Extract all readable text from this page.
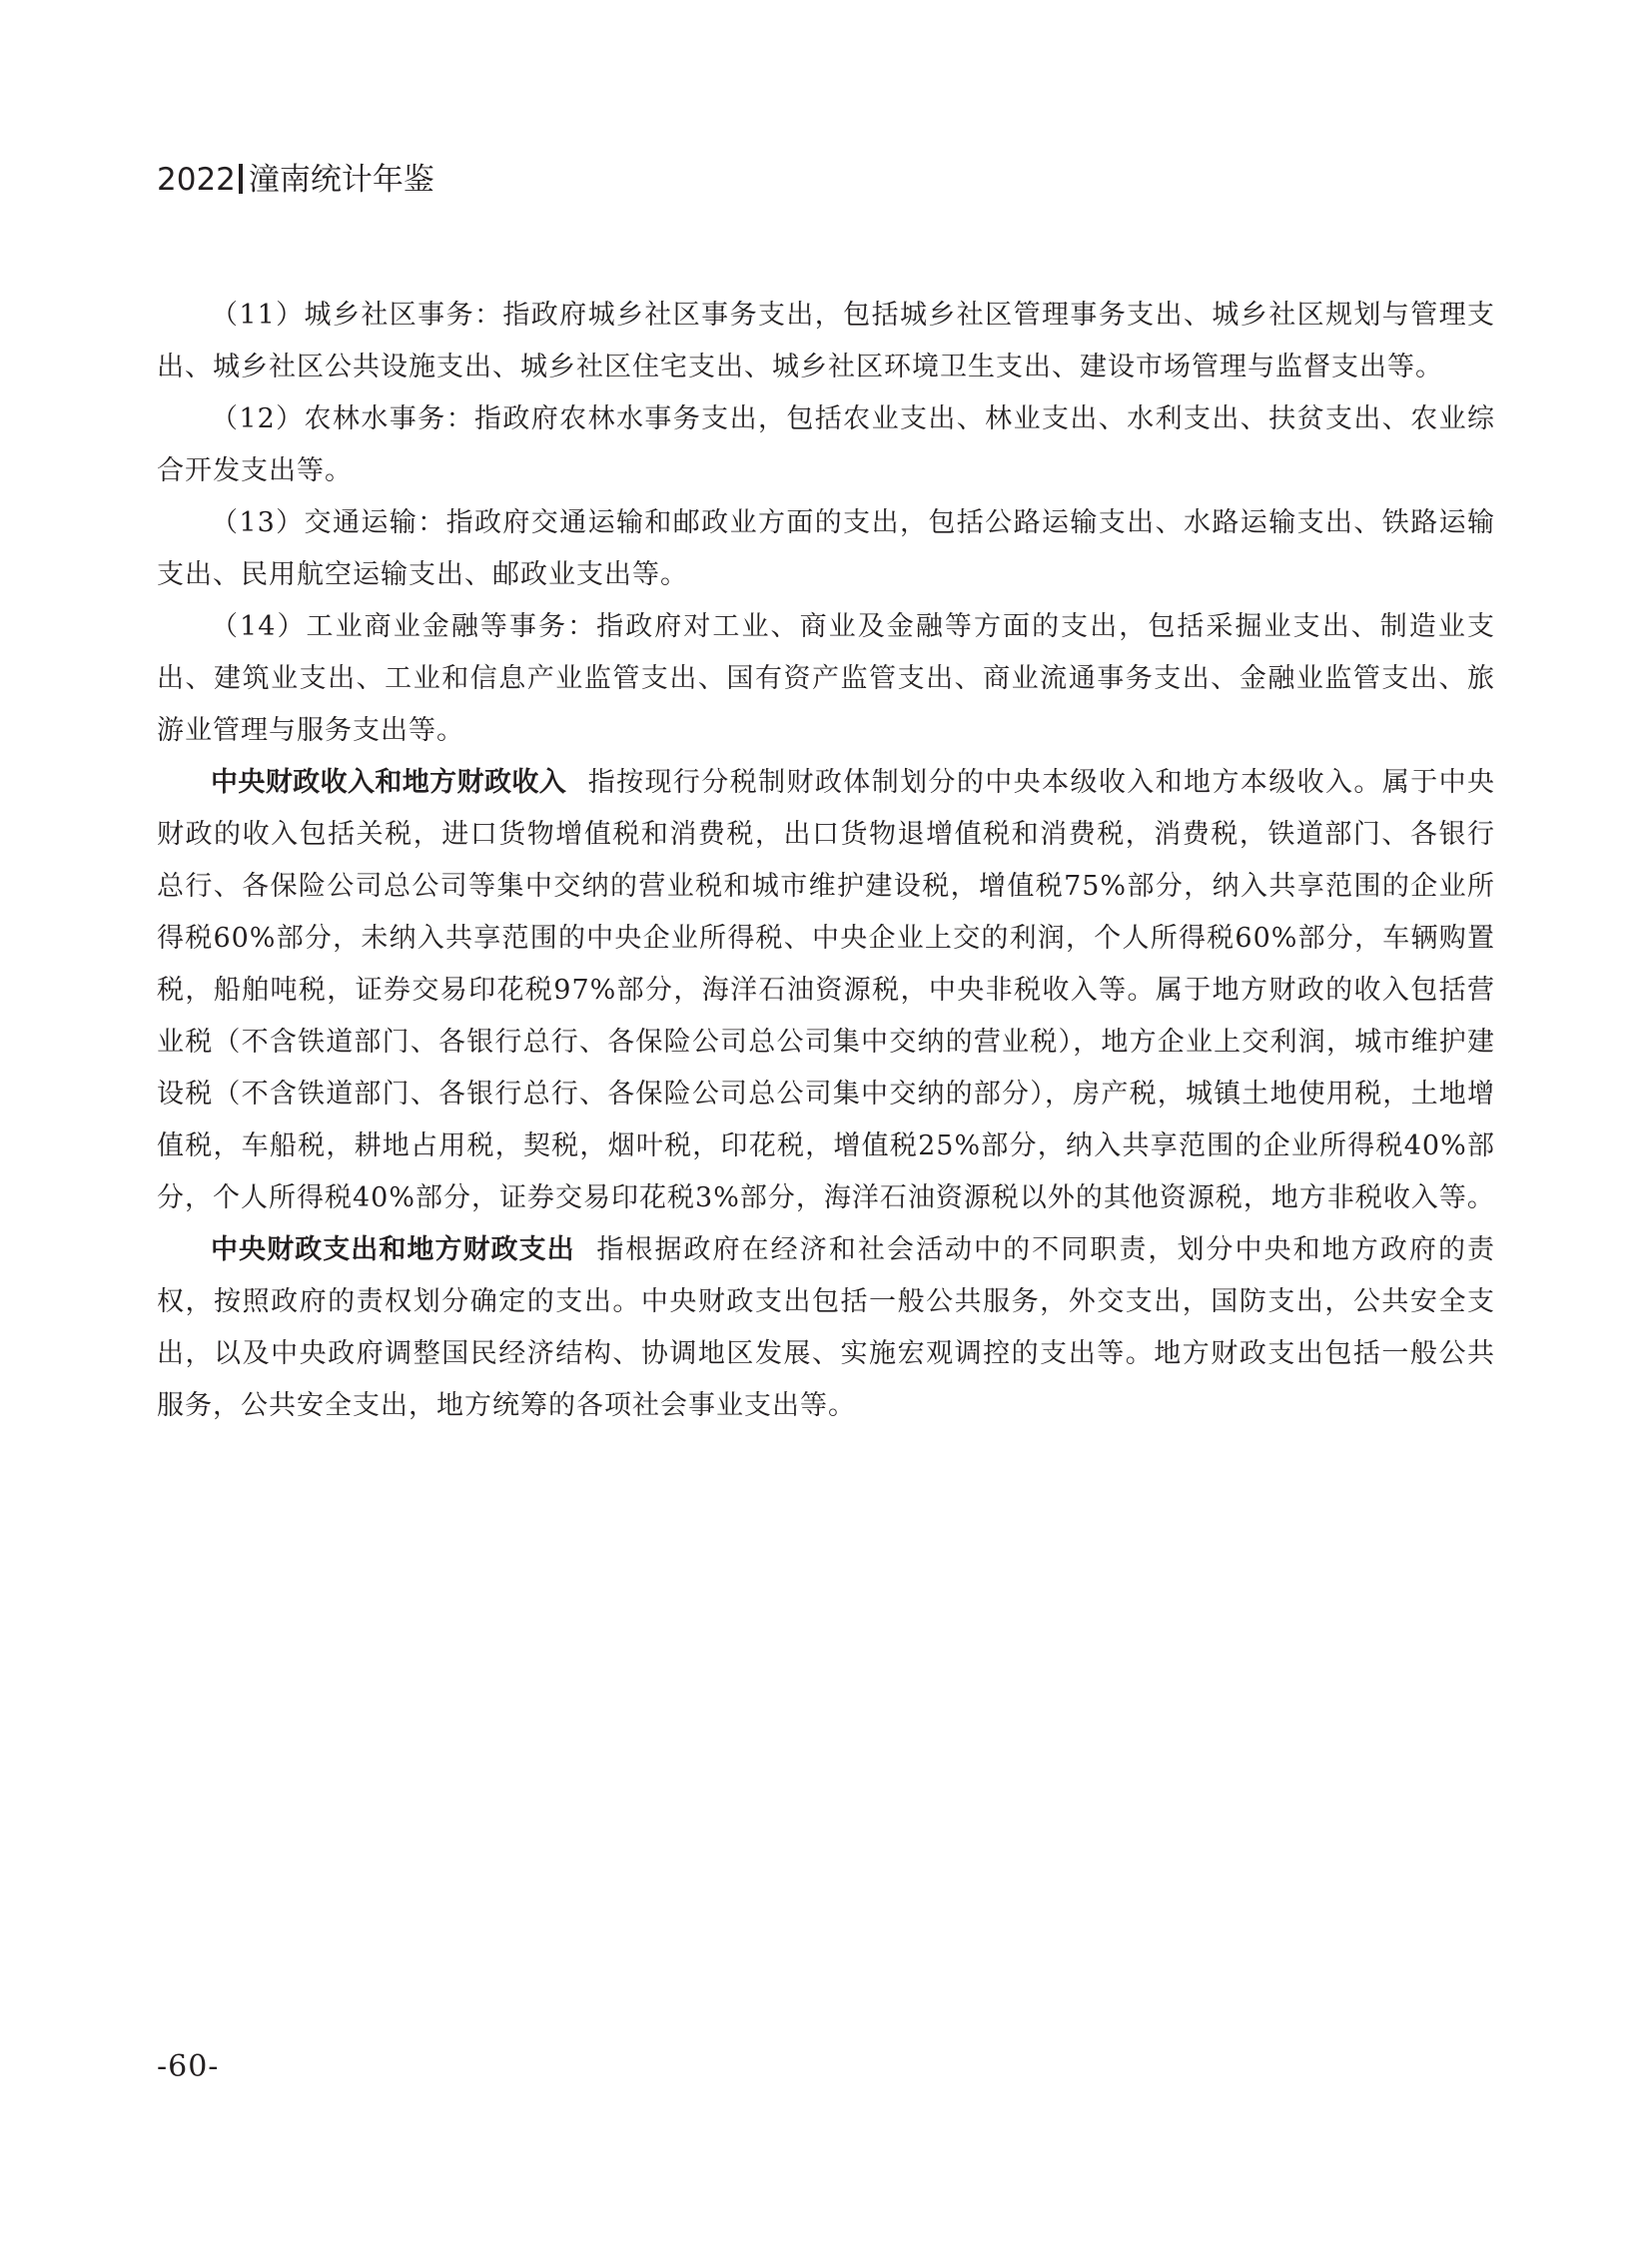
2022 潼南统计年鉴

（11）城乡社区事务：指政府城乡社区事务支出，包括城乡社区管理事务支出、城乡社区规划与管理支出、城乡社区公共设施支出、城乡社区住宅支出、城乡社区环境卫生支出、建设市场管理与监督支出等。

（12）农林水事务：指政府农林水事务支出，包括农业支出、林业支出、水利支出、扶贫支出、农业综合开发支出等。

（13）交通运输：指政府交通运输和邮政业方面的支出，包括公路运输支出、水路运输支出、铁路运输支出、民用航空运输支出、邮政业支出等。

（14）工业商业金融等事务：指政府对工业、商业及金融等方面的支出，包括采掘业支出、制造业支出、建筑业支出、工业和信息产业监管支出、国有资产监管支出、商业流通事务支出、金融业监管支出、旅游业管理与服务支出等。

中央财政收入和地方财政收入 指按现行分税制财政体制划分的中央本级收入和地方本级收入。属于中央财政的收入包括关税，进口货物增值税和消费税，出口货物退增值税和消费税，消费税，铁道部门、各银行总行、各保险公司总公司等集中交纳的营业税和城市维护建设税，增值税75%部分，纳入共享范围的企业所得税60%部分，未纳入共享范围的中央企业所得税、中央企业上交的利润，个人所得税60%部分，车辆购置税，船舶吨税，证券交易印花税97%部分，海洋石油资源税，中央非税收入等。属于地方财政的收入包括营业税（不含铁道部门、各银行总行、各保险公司总公司集中交纳的营业税），地方企业上交利润，城市维护建设税（不含铁道部门、各银行总行、各保险公司总公司集中交纳的部分），房产税，城镇土地使用税，土地增值税，车船税，耕地占用税，契税，烟叶税，印花税，增值税25%部分，纳入共享范围的企业所得税40%部分，个人所得税40%部分，证券交易印花税3%部分，海洋石油资源税以外的其他资源税，地方非税收入等。

中央财政支出和地方财政支出 指根据政府在经济和社会活动中的不同职责，划分中央和地方政府的责权，按照政府的责权划分确定的支出。中央财政支出包括一般公共服务，外交支出，国防支出，公共安全支出，以及中央政府调整国民经济结构、协调地区发展、实施宏观调控的支出等。地方财政支出包括一般公共服务，公共安全支出，地方统筹的各项社会事业支出等。

-60-
